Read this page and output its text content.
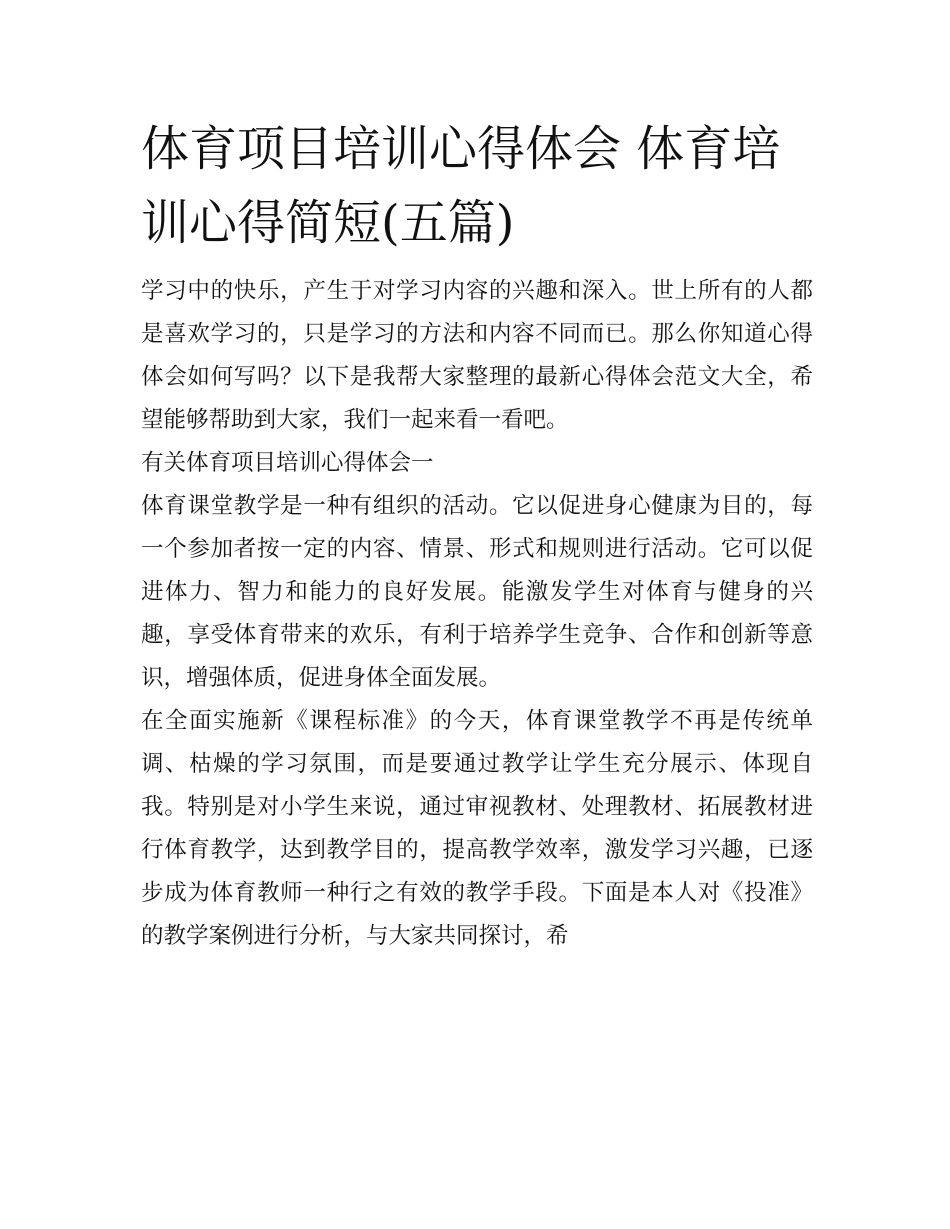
体育项目培训心得体会 体育培训心得简短(五篇)

学习中的快乐，产生于对学习内容的兴趣和深入。世上所有的人都是喜欢学习的，只是学习的方法和内容不同而已。那么你知道心得体会如何写吗？以下是我帮大家整理的最新心得体会范文大全，希望能够帮助到大家，我们一起来看一看吧。

有关体育项目培训心得体会一

体育课堂教学是一种有组织的活动。它以促进身心健康为目的，每一个参加者按一定的内容、情景、形式和规则进行活动。它可以促进体力、智力和能力的良好发展。能激发学生对体育与健身的兴趣，享受体育带来的欢乐，有利于培养学生竞争、合作和创新等意识，增强体质，促进身体全面发展。

在全面实施新《课程标准》的今天，体育课堂教学不再是传统单调、枯燥的学习氛围，而是要通过教学让学生充分展示、体现自我。特别是对小学生来说，通过审视教材、处理教材、拓展教材进行体育教学，达到教学目的，提高教学效率，激发学习兴趣，已逐步成为体育教师一种行之有效的教学手段。下面是本人对《投准》的教学案例进行分析，与大家共同探讨，希
